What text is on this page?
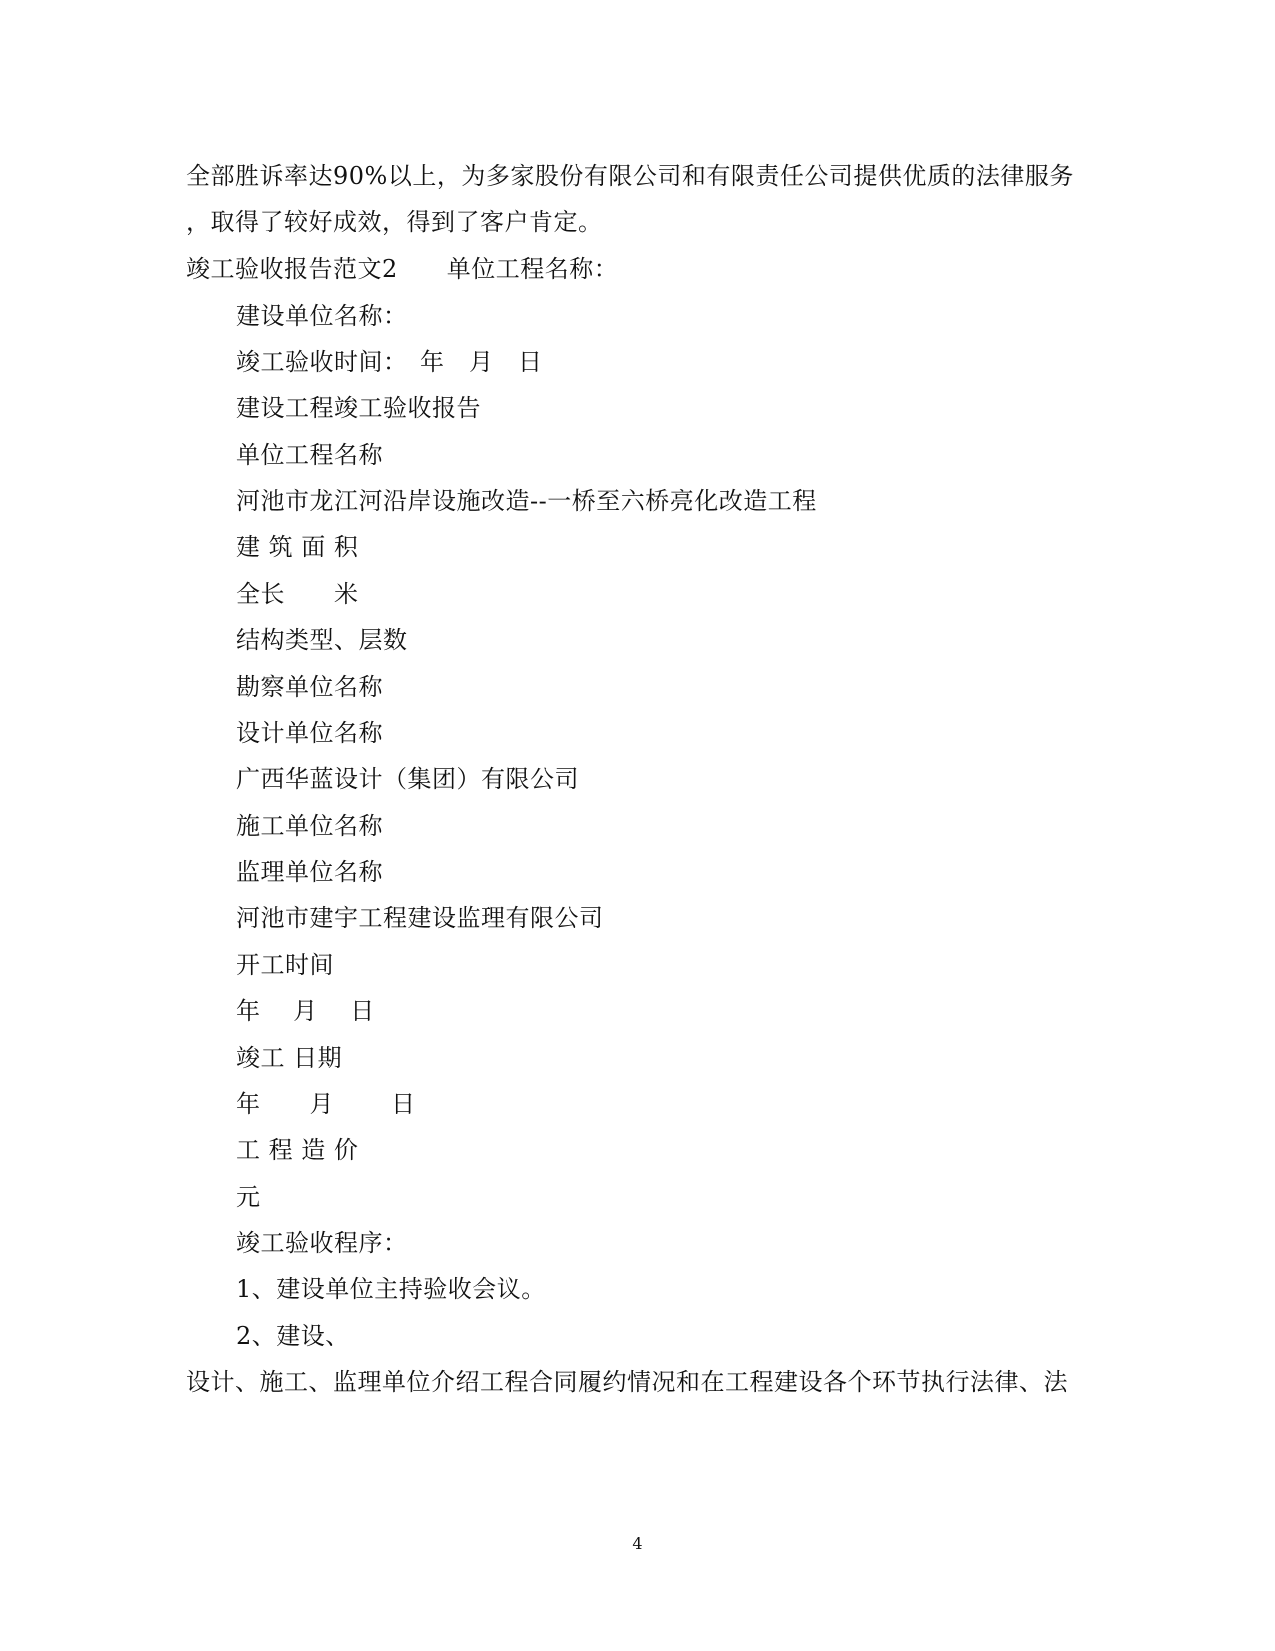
全部胜诉率达90%以上，为多家股份有限公司和有限责任公司提供优质的法律服务
，取得了较好成效，得到了客户肯定。
竣工验收报告范文2　　单位工程名称：
建设单位名称：
竣工验收时间：　年　月　日
建设工程竣工验收报告
单位工程名称
河池市龙江河沿岸设施改造--一桥至六桥亮化改造工程
建 筑 面 积
全长　　米
结构类型、层数
勘察单位名称
设计单位名称
广西华蓝设计（集团）有限公司
施工单位名称
监理单位名称
河池市建宇工程建设监理有限公司
开工时间
年　 月　 日
竣工 日期
年　　月　　 日
工 程 造 价
元
竣工验收程序：
1、建设单位主持验收会议。
2、建设、
设计、施工、监理单位介绍工程合同履约情况和在工程建设各个环节执行法律、法
4
